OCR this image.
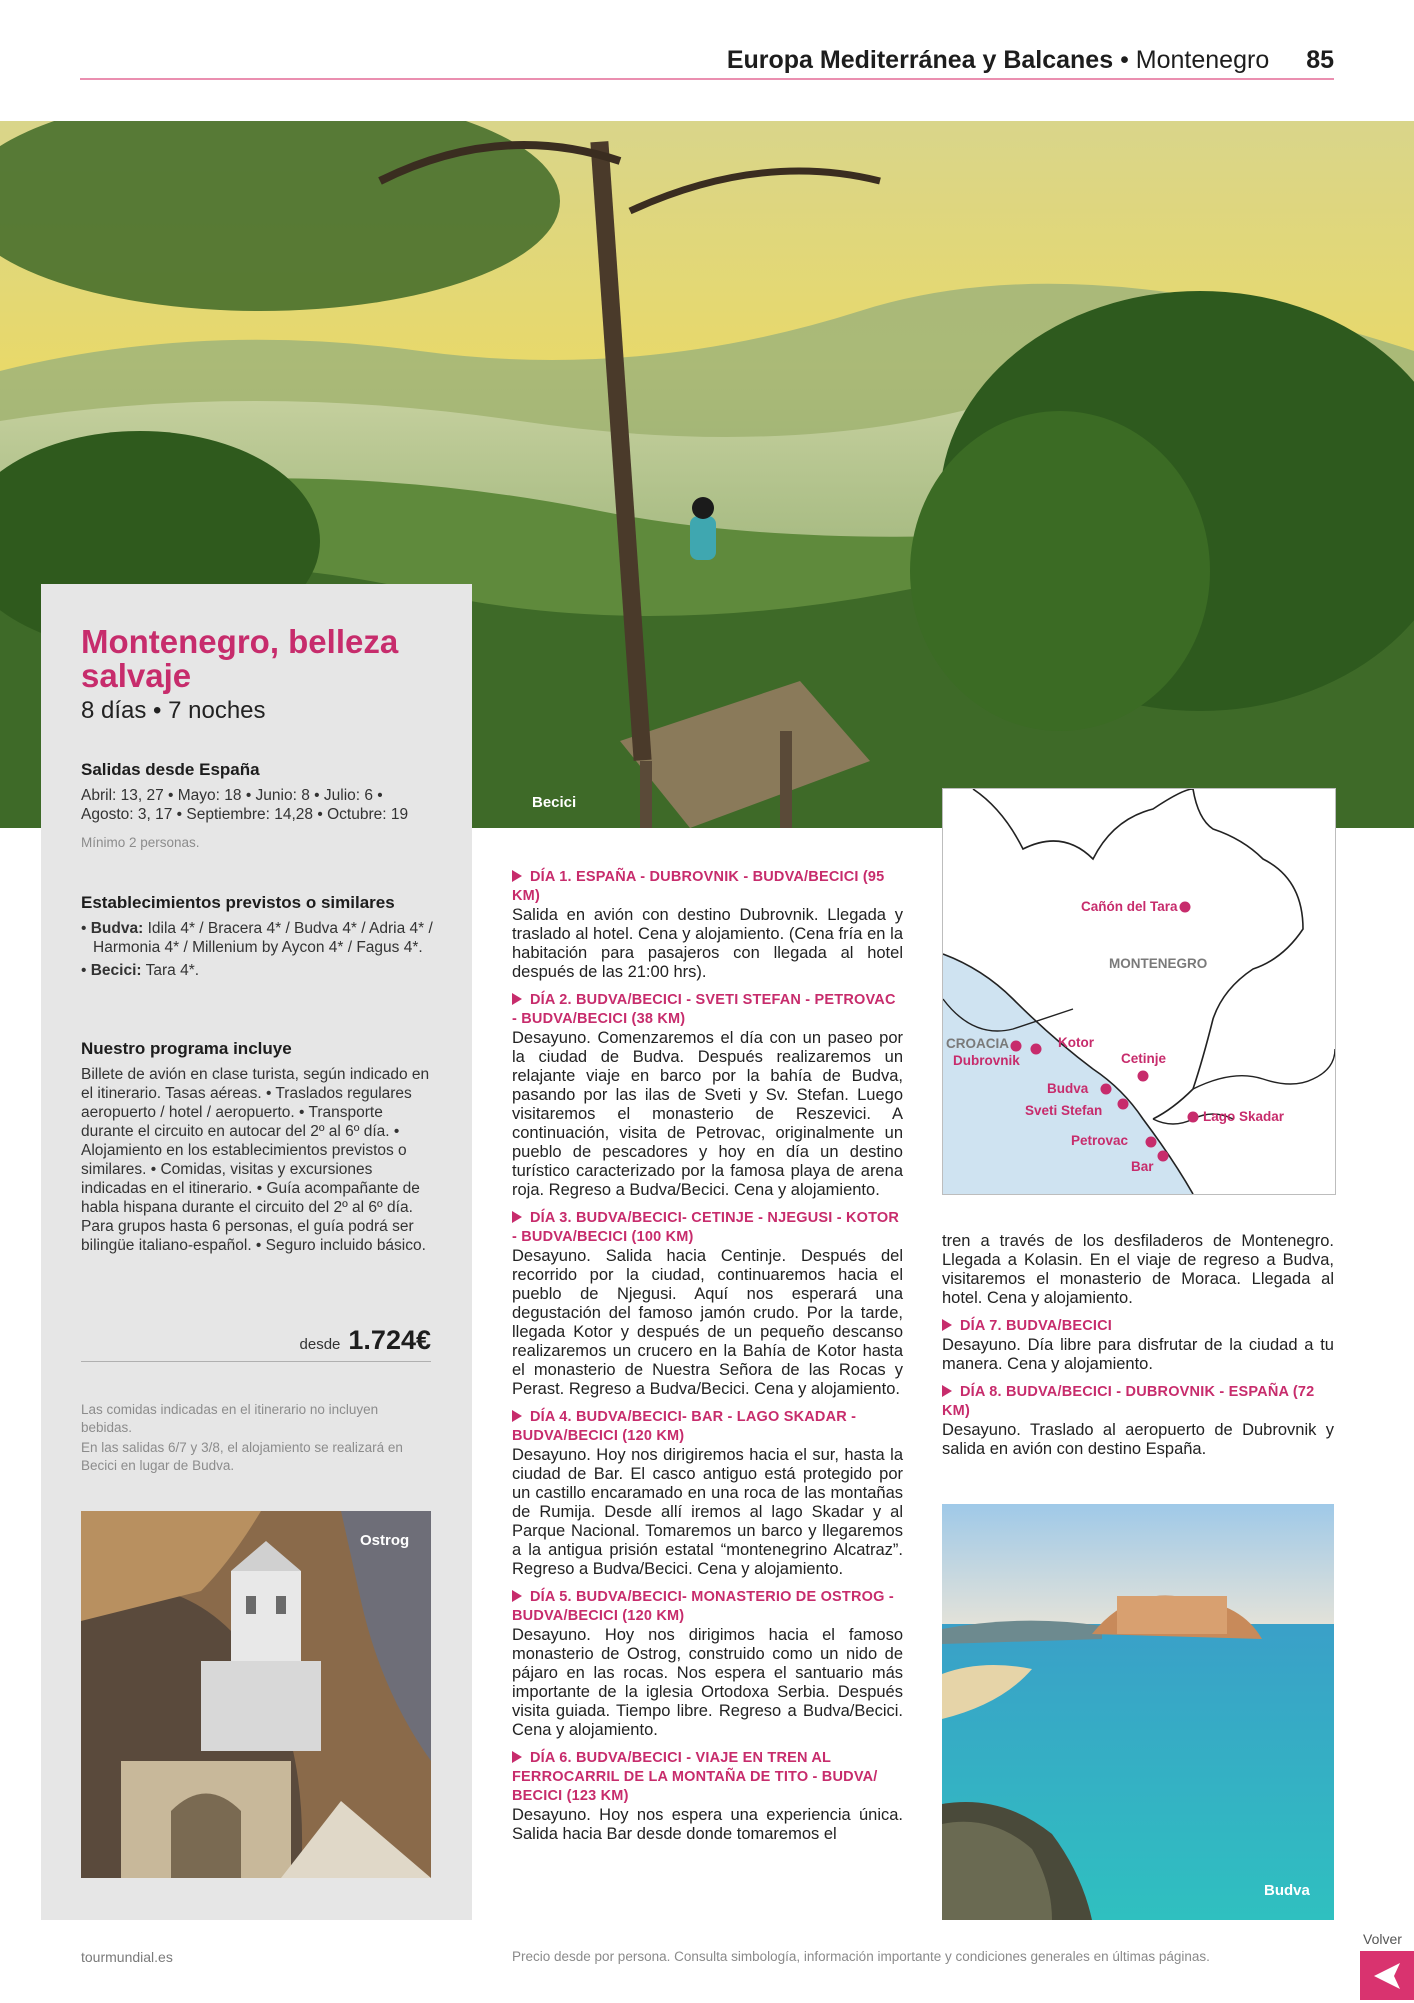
Europa Mediterránea y Balcanes • Montenegro 85
Becici
Montenegro, belleza salvaje
8 días • 7 noches
Salidas desde España
Abril: 13, 27 • Mayo: 18 • Junio: 8 • Julio: 6 • Agosto: 3, 17 • Septiembre: 14,28 • Octubre: 19
Mínimo 2 personas.
Establecimientos previstos o similares
• Budva: Idila 4* / Bracera 4* / Budva 4* / Adria 4* / Harmonia 4* / Millenium by Aycon 4* / Fagus 4*.
• Becici: Tara 4*.
Nuestro programa incluye
Billete de avión en clase turista, según indicado en el itinerario. Tasas aéreas. • Traslados regulares aeropuerto / hotel / aeropuerto. • Transporte durante el circuito en autocar del 2º al 6º día. • Alojamiento en los establecimientos previstos o similares. • Comidas, visitas y excursiones indicadas en el itinerario. • Guía acompañante de habla hispana durante el circuito del 2º al 6º día. Para grupos hasta 6 personas, el guía podrá ser bilingüe italiano-español. • Seguro incluido básico.
desde 1.724€
Las comidas indicadas en el itinerario no incluyen bebidas.
En las salidas 6/7 y 3/8, el alojamiento se realizará en Becici en lugar de Budva.
Ostrog
DÍA 1. ESPAÑA - DUBROVNIK - BUDVA/BECICI (95 KM)

Salida en avión con destino Dubrovnik. Llegada y traslado al hotel. Cena y alojamiento. (Cena fría en la habitación para pasajeros con llegada al hotel después de las 21:00 hrs).

DÍA 2. BUDVA/BECICI - SVETI STEFAN - PETROVAC - BUDVA/BECICI (38 KM)

Desayuno. Comenzaremos el día con un paseo por la ciudad de Budva. Después realizaremos un relajante viaje en barco por la bahía de Budva, pasando por las ilas de Sveti y Sv. Stefan. Luego visitaremos el monasterio de Reszevici. A continuación, visita de Petrovac, originalmente un pueblo de pescadores y hoy en día un destino turístico caracterizado por la famosa playa de arena roja. Regreso a Budva/Becici. Cena y alojamiento.

DÍA 3. BUDVA/BECICI- CETINJE - NJEGUSI - KOTOR - BUDVA/BECICI (100 KM)

Desayuno. Salida hacia Centinje. Después del recorrido por la ciudad, continuaremos hacia el pueblo de Njegusi. Aquí nos esperará una degustación del famoso jamón crudo. Por la tarde, llegada Kotor y después de un pequeño descanso realizaremos un crucero en la Bahía de Kotor hasta el monasterio de Nuestra Señora de las Rocas y Perast. Regreso a Budva/Becici. Cena y alojamiento.

DÍA 4. BUDVA/BECICI- BAR - LAGO SKADAR - BUDVA/BECICI (120 KM)

Desayuno. Hoy nos dirigiremos hacia el sur, hasta la ciudad de Bar. El casco antiguo está protegido por un castillo encaramado en una roca de las montañas de Rumija. Desde allí iremos al lago Skadar y al Parque Nacional. Tomaremos un barco y llegaremos a la antigua prisión estatal “montenegrino Alcatraz”. Regreso a Budva/Becici. Cena y alojamiento.

DÍA 5. BUDVA/BECICI- MONASTERIO DE OSTROG - BUDVA/BECICI (120 KM)

Desayuno. Hoy nos dirigimos hacia el famoso monasterio de Ostrog, construido como un nido de pájaro en las rocas. Nos espera el santuario más importante de la iglesia Ortodoxa Serbia. Después visita guiada. Tiempo libre. Regreso a Budva/Becici. Cena y alojamiento.

DÍA 6. BUDVA/BECICI - VIAJE EN TREN AL FERROCARRIL DE LA MONTAÑA DE TITO - BUDVA/ BECICI (123 KM)

Desayuno. Hoy nos espera una experiencia única. Salida hacia Bar desde donde tomaremos el

Cañón del Tara
MONTENEGRO
CROACIA	Kotor
Dubrovnik	Cetinje
Budva
Sveti Stefan	Lago Skadar
Petrovac
Bar

tren a través de los desfiladeros de Montenegro. Llegada a Kolasin. En el viaje de regreso a Budva, visitaremos el monasterio de Moraca. Llegada al hotel. Cena y alojamiento.

DÍA 7. BUDVA/BECICI

Desayuno. Día libre para disfrutar de la ciudad a tu manera. Cena y alojamiento.

DÍA 8. BUDVA/BECICI - DUBROVNIK - ESPAÑA (72 KM)

Desayuno. Traslado al aeropuerto de Dubrovnik y salida en avión con destino España.

Budva
tourmundial.es	Precio desde por persona. Consulta simbología, información importante y condiciones generales en últimas páginas.
Volver
